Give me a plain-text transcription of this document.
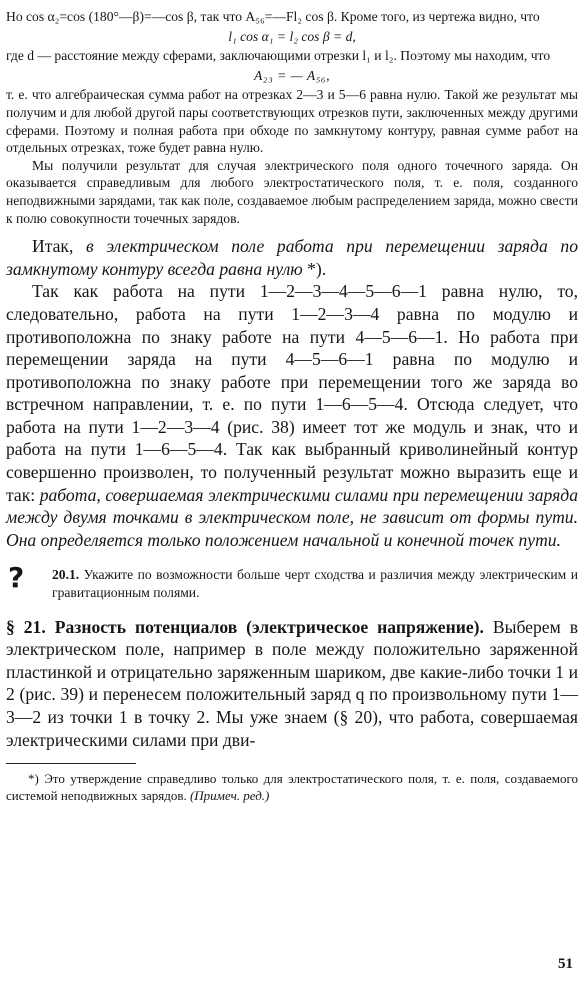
Но cos α₂=cos (180°—β)=—cos β, так что A₅₆=—Fl₂ cos β. Кроме того, из чертежа видно, что

l₁ cos α₁ = l₂ cos β = d,

где d — расстояние между сферами, заключающими отрезки l₁ и l₂. Поэтому мы находим, что

A₂₃ = — A₅₆,

т. е. что алгебраическая сумма работ на отрезках 2—3 и 5—6 равна нулю. Такой же результат мы получим и для любой другой пары соответствующих отрезков пути, заключенных между другими сферами. Поэтому и полная работа при обходе по замкнутому контуру, равная сумме работ на отдельных отрезках, тоже будет равна нулю.

Мы получили результат для случая электрического поля одного точечного заряда. Он оказывается справедливым для любого электростатического поля, т. е. поля, созданного неподвижными зарядами, так как поле, создаваемое любым распределением заряда, можно свести к полю совокупности точечных зарядов.

Итак, в электрическом поле работа при перемещении заряда по замкнутому контуру всегда равна нулю *).

Так как работа на пути 1—2—3—4—5—6—1 равна нулю, то, следовательно, работа на пути 1—2—3—4 равна по модулю и противоположна по знаку работе на пути 4—5—6—1. Но работа при перемещении заряда на пути 4—5—6—1 равна по модулю и противоположна по знаку работе при перемещении того же заряда во встречном направлении, т. е. по пути 1—6—5—4. Отсюда следует, что работа на пути 1—2—3—4 (рис. 38) имеет тот же модуль и знак, что и работа на пути 1—6—5—4. Так как выбранный криволинейный контур совершенно произволен, то полученный результат можно выразить еще и так: работа, совершаемая электрическими силами при перемещении заряда между двумя точками в электрическом поле, не зависит от формы пути. Она определяется только положением начальной и конечной точек пути.

?	20.1. Укажите по возможности больше черт сходства и различия между электрическим и гравитационным полями.

§ 21. Разность потенциалов (электрическое напряжение). Выберем в электрическом поле, например в поле между положительно заряженной пластинкой и отрицательно заряженным шариком, две какие-либо точки 1 и 2 (рис. 39) и перенесем положительный заряд q по произвольному пути 1—3—2 из точки 1 в точку 2. Мы уже знаем (§ 20), что работа, совершаемая электрическими силами при дви-

*) Это утверждение справедливо только для электростатического поля, т. е. поля, создаваемого системой неподвижных зарядов. (Примеч. ред.)

51
